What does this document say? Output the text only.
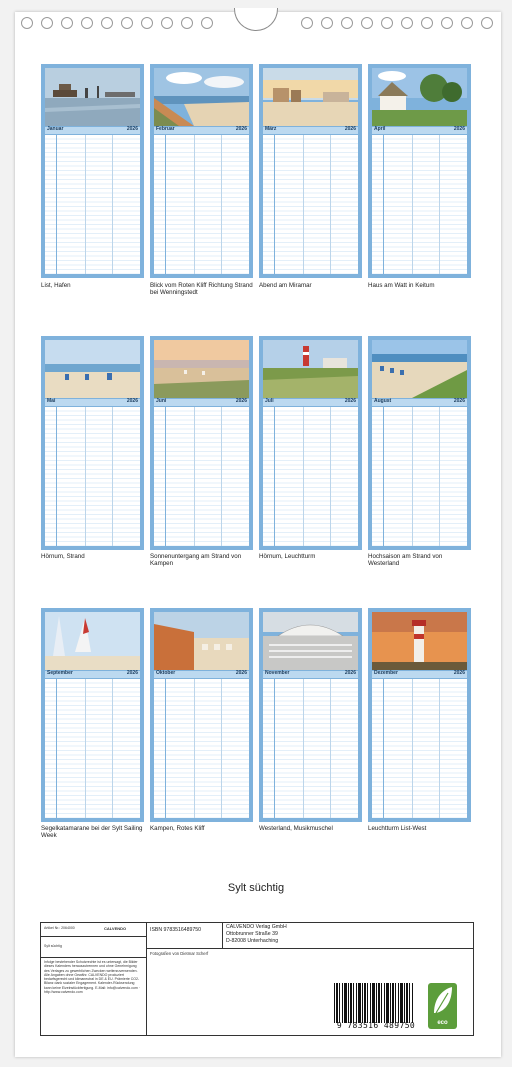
Januar	2026
List, Hafen
Februar	2026
Blick vom Roten Kliff Richtung Strand bei Wenningstedt
März	2026
Abend am Miramar
April	2026
Haus am Watt in Keitum
Mai	2026
Hörnum, Strand
Juni	2026
Sonnenuntergang am Strand von Kampen
Juli	2026
Hörnum, Leuchtturm
August	2026
Hochsaison am Strand von Westerland
September	2026
Segelkatamarane bei der Sylt Sailing Week
Oktober	2026
Kampen, Rotes Kliff
November	2026
Westerland, Musikmuschel
Dezember	2026
Leuchtturm List-West
Sylt süchtig
Artikel Nr.: 2064000	CALVENDO
Sylt süchtig
Infolge bestehender Schutzrechte ist es untersagt, die Bilder dieses Kalenders herauszutrennen und ohne Genehmigung des Verlages zu gewerblichen Zwecken weiterzuverwenden. Alle Angaben ohne Gewähr. CALVENDO produziert bedarfsgerecht und klimaneutral in DE & EU. Prämierte CO2-Bilanz dank sozialer Engagement. Kalender-Rücksendung kann keine Eizelnstückfertigung. E-Mail: info@calvendo.com · http://www.calvendo.com
ISBN 9783516489750	CALVENDO Verlag GmbH
Ottobrunner Straße 39
D-82008 Unterhaching
Fotografien von Dietmar Scherf
9 783516 489750	eco
